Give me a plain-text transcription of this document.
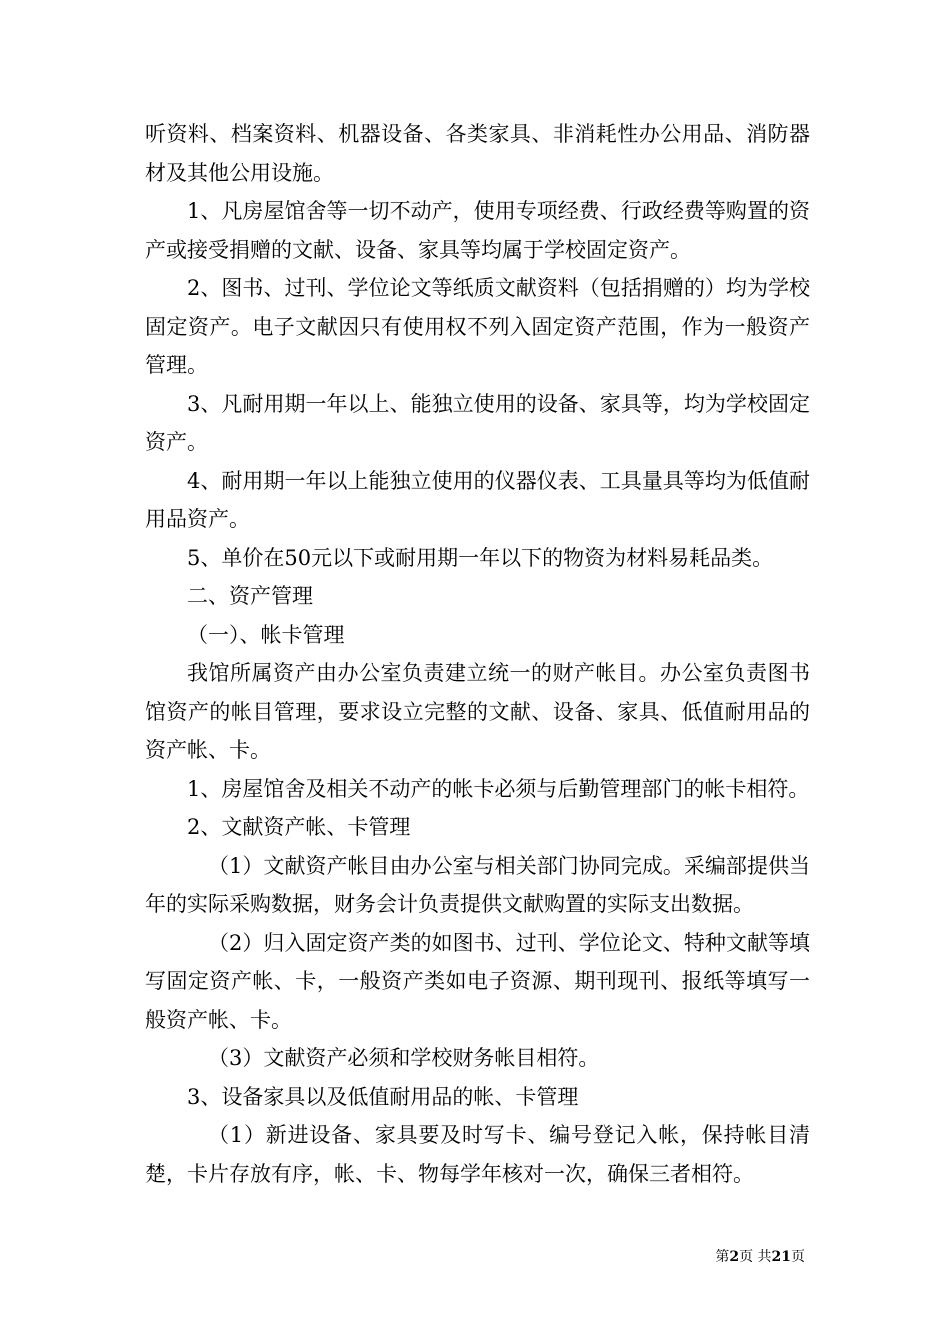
听资料、档案资料、机器设备、各类家具、非消耗性办公用品、消防器材及其他公用设施。

1、凡房屋馆舍等一切不动产，使用专项经费、行政经费等购置的资产或接受捐赠的文献、设备、家具等均属于学校固定资产。

2、图书、过刊、学位论文等纸质文献资料（包括捐赠的）均为学校固定资产。电子文献因只有使用权不列入固定资产范围，作为一般资产管理。

3、凡耐用期一年以上、能独立使用的设备、家具等，均为学校固定资产。

4、耐用期一年以上能独立使用的仪器仪表、工具量具等均为低值耐用品资产。

5、单价在50元以下或耐用期一年以下的物资为材料易耗品类。

二、资产管理

（一）、帐卡管理

我馆所属资产由办公室负责建立统一的财产帐目。办公室负责图书馆资产的帐目管理，要求设立完整的文献、设备、家具、低值耐用品的资产帐、卡。

1、房屋馆舍及相关不动产的帐卡必须与后勤管理部门的帐卡相符。

2、文献资产帐、卡管理

（1）文献资产帐目由办公室与相关部门协同完成。采编部提供当年的实际采购数据，财务会计负责提供文献购置的实际支出数据。

（2）归入固定资产类的如图书、过刊、学位论文、特种文献等填写固定资产帐、卡，一般资产类如电子资源、期刊现刊、报纸等填写一般资产帐、卡。

（3）文献资产必须和学校财务帐目相符。

3、设备家具以及低值耐用品的帐、卡管理

（1）新进设备、家具要及时写卡、编号登记入帐，保持帐目清楚，卡片存放有序，帐、卡、物每学年核对一次，确保三者相符。

第2页 共21页
